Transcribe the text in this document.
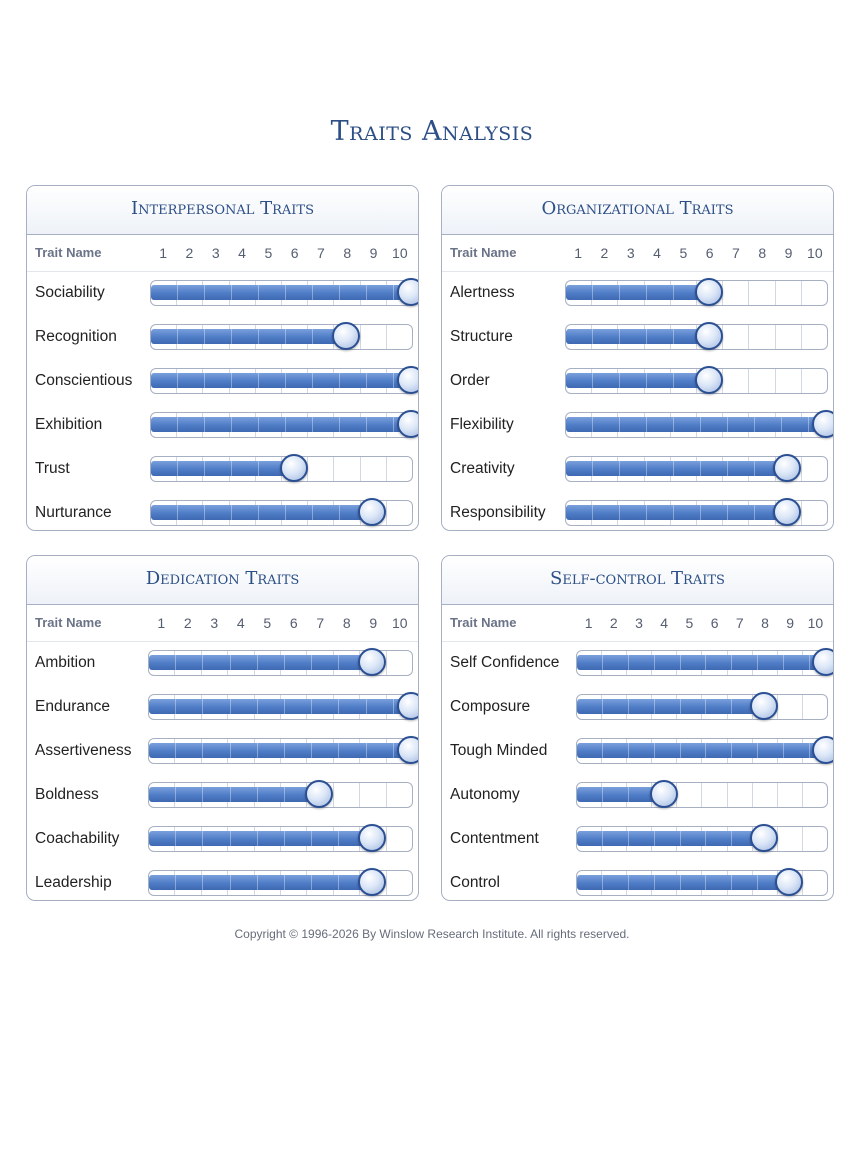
Traits Analysis
Interpersonal Traits
Trait Name	1	2	3	4	5	6	7	8	9	10
Sociability
Recognition
Conscientious
Exhibition
Trust
Nurturance
Organizational Traits
Trait Name	1	2	3	4	5	6	7	8	9	10
Alertness
Structure
Order
Flexibility
Creativity
Responsibility
Dedication Traits
Trait Name	1	2	3	4	5	6	7	8	9	10
Ambition
Endurance
Assertiveness
Boldness
Coachability
Leadership
Self-control Traits
Trait Name	1	2	3	4	5	6	7	8	9 10
Self Confidence
Composure
Tough Minded
Autonomy
Contentment
Control
Copyright © 1996-2026 By Winslow Research Institute. All rights reserved.
